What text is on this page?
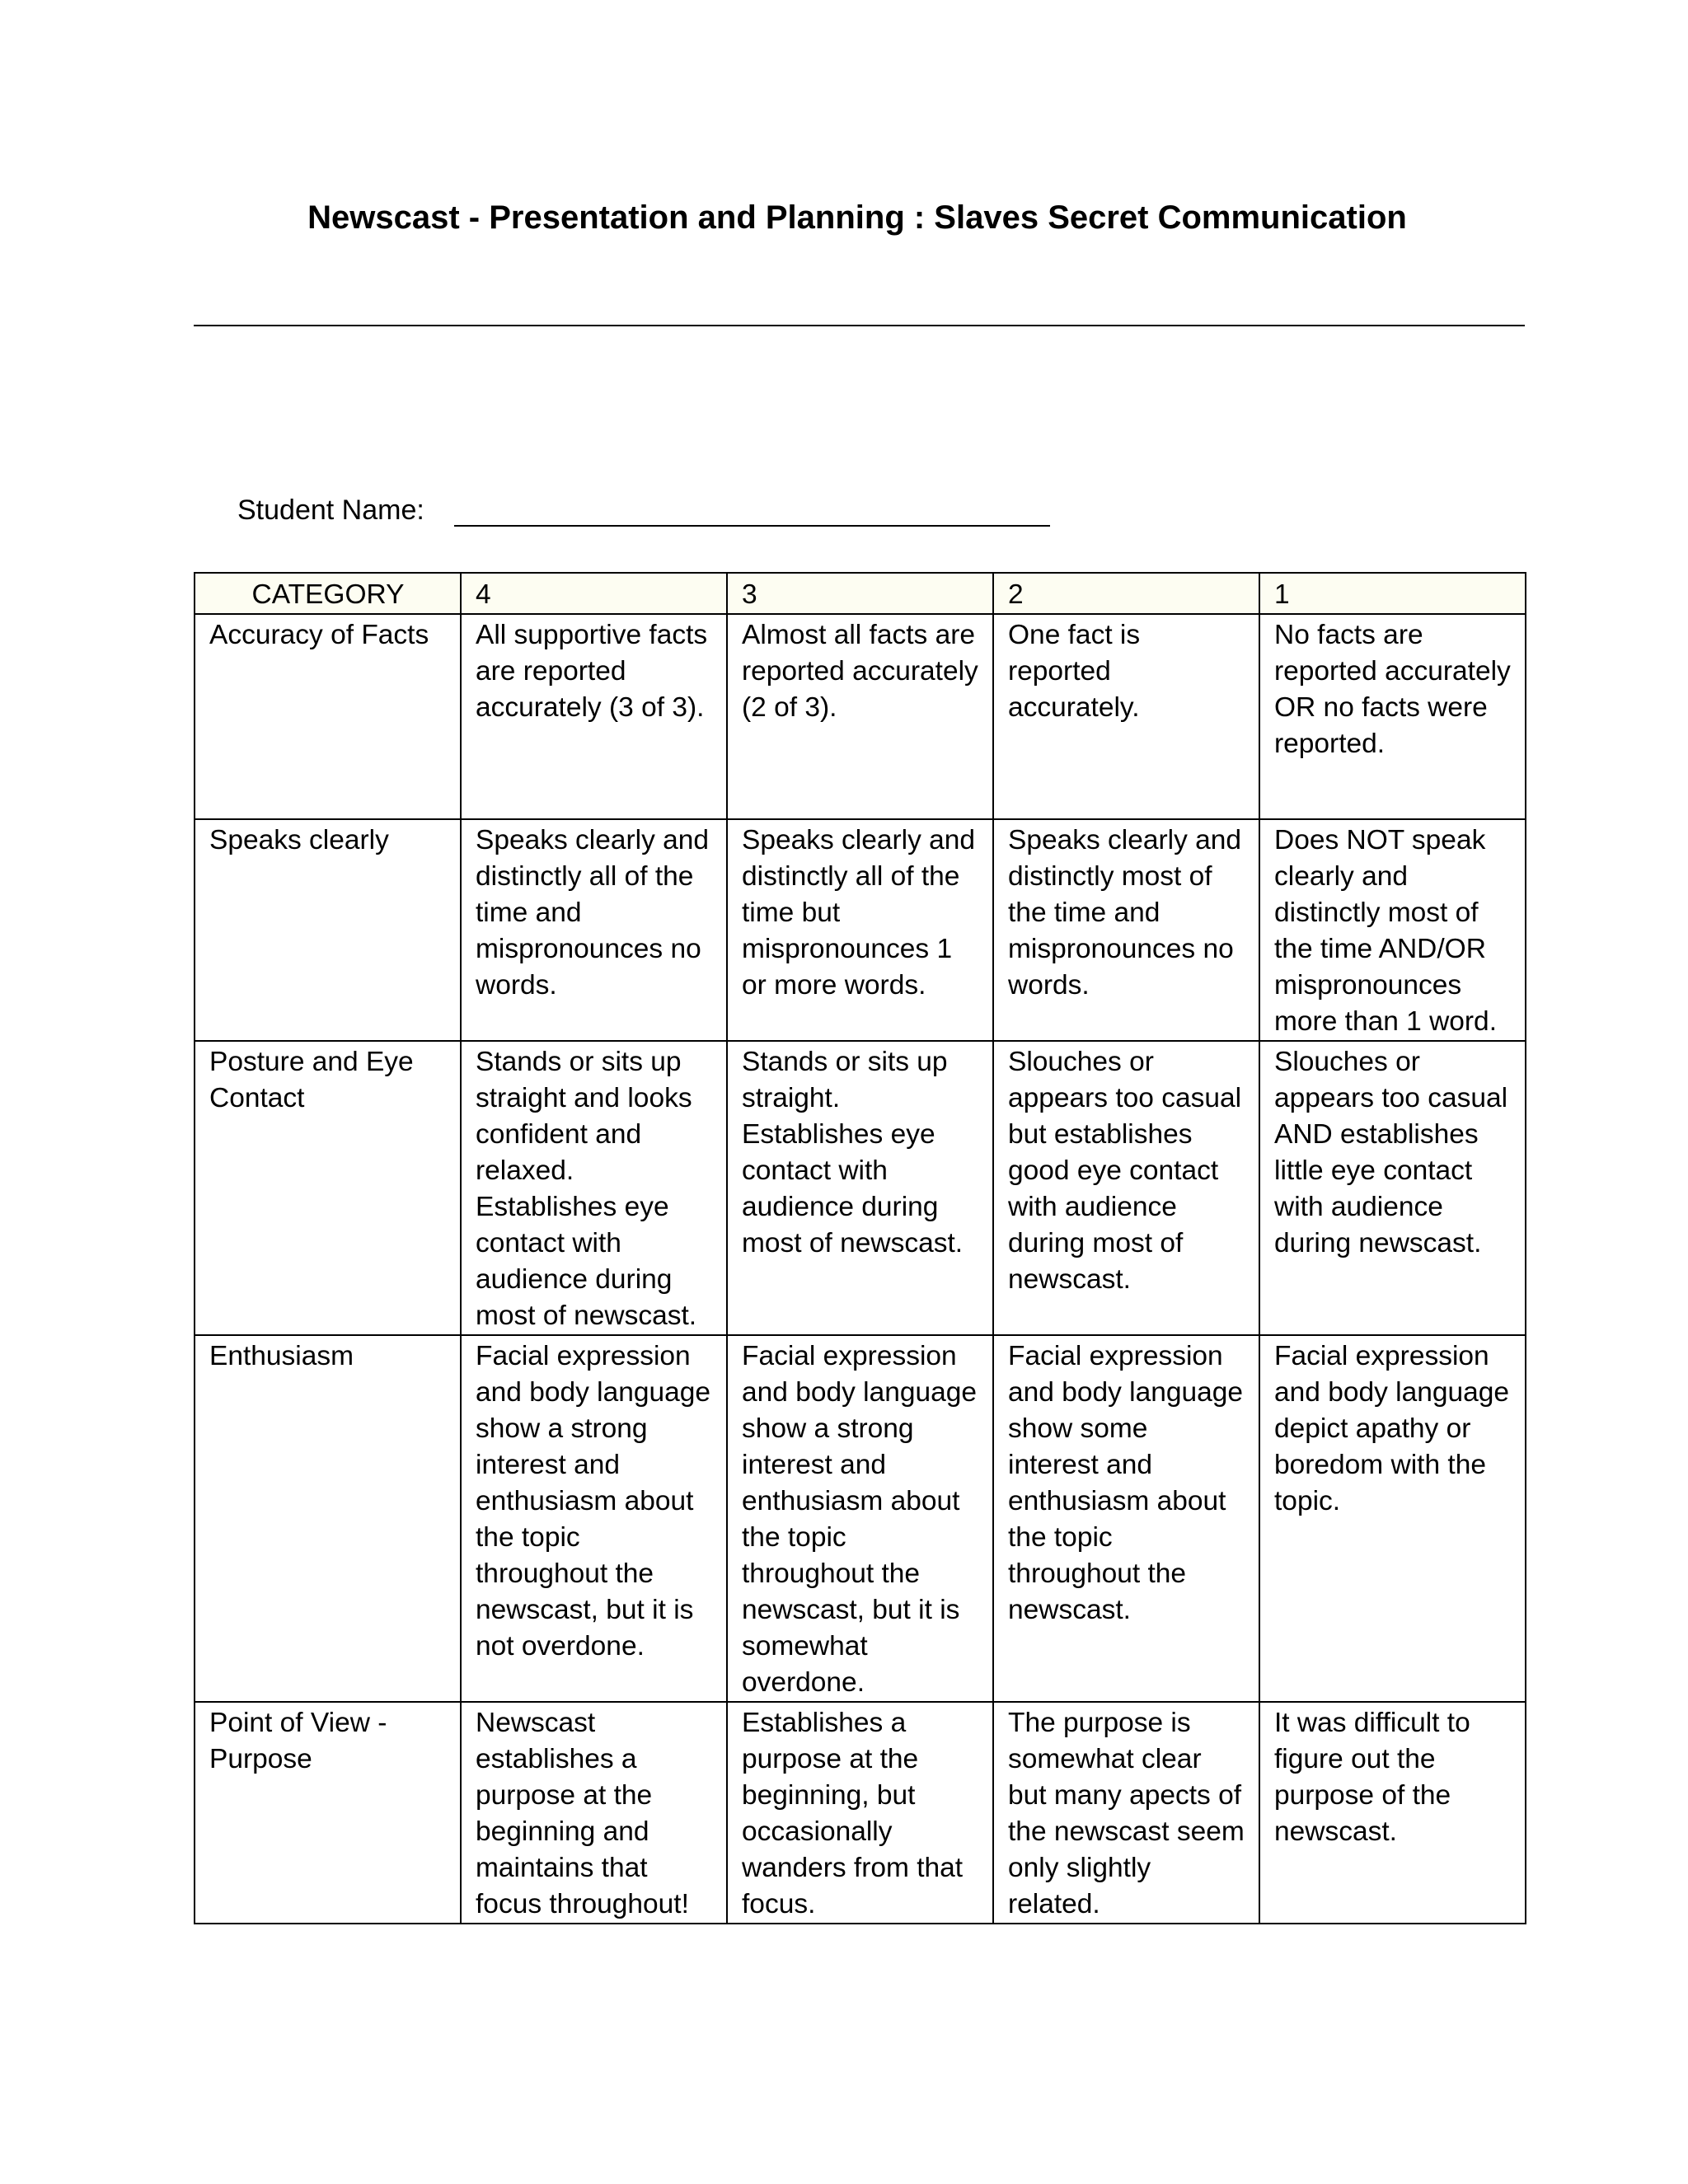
Newscast - Presentation and Planning : Slaves Secret Communication
Student Name:
CATEGORY	4	3	2	1
Accuracy of Facts	All supportive facts are reported accurately (3 of 3).	Almost all facts are reported accurately (2 of 3).	One fact is reported accurately.	No facts are reported accurately OR no facts were reported.
Speaks clearly	Speaks clearly and distinctly all of the time and mispronounces no words.	Speaks clearly and distinctly all of the time but mispronounces 1 or more words.	Speaks clearly and distinctly most of the time and mispronounces no words.	Does NOT speak clearly and distinctly most of the time AND/OR mispronounces more than 1 word.
Posture and Eye Contact	Stands or sits up straight and looks confident and relaxed. Establishes eye contact with audience during most of newscast.	Stands or sits up straight. Establishes eye contact with audience during most of newscast.	Slouches or appears too casual but establishes good eye contact with audience during most of newscast.	Slouches or appears too casual AND establishes little eye contact with audience during newscast.
Enthusiasm	Facial expression and body language show a strong interest and enthusiasm about the topic throughout the newscast, but it is not overdone.	Facial expression and body language show a strong interest and enthusiasm about the topic throughout the newscast, but it is somewhat overdone.	Facial expression and body language show some interest and enthusiasm about the topic throughout the newscast.	Facial expression and body language depict apathy or boredom with the topic.
Point of View - Purpose	Newscast establishes a purpose at the beginning and maintains that focus throughout!	Establishes a purpose at the beginning, but occasionally wanders from that focus.	The purpose is somewhat clear but many apects of the newscast seem only slightly related.	It was difficult to figure out the purpose of the newscast.
